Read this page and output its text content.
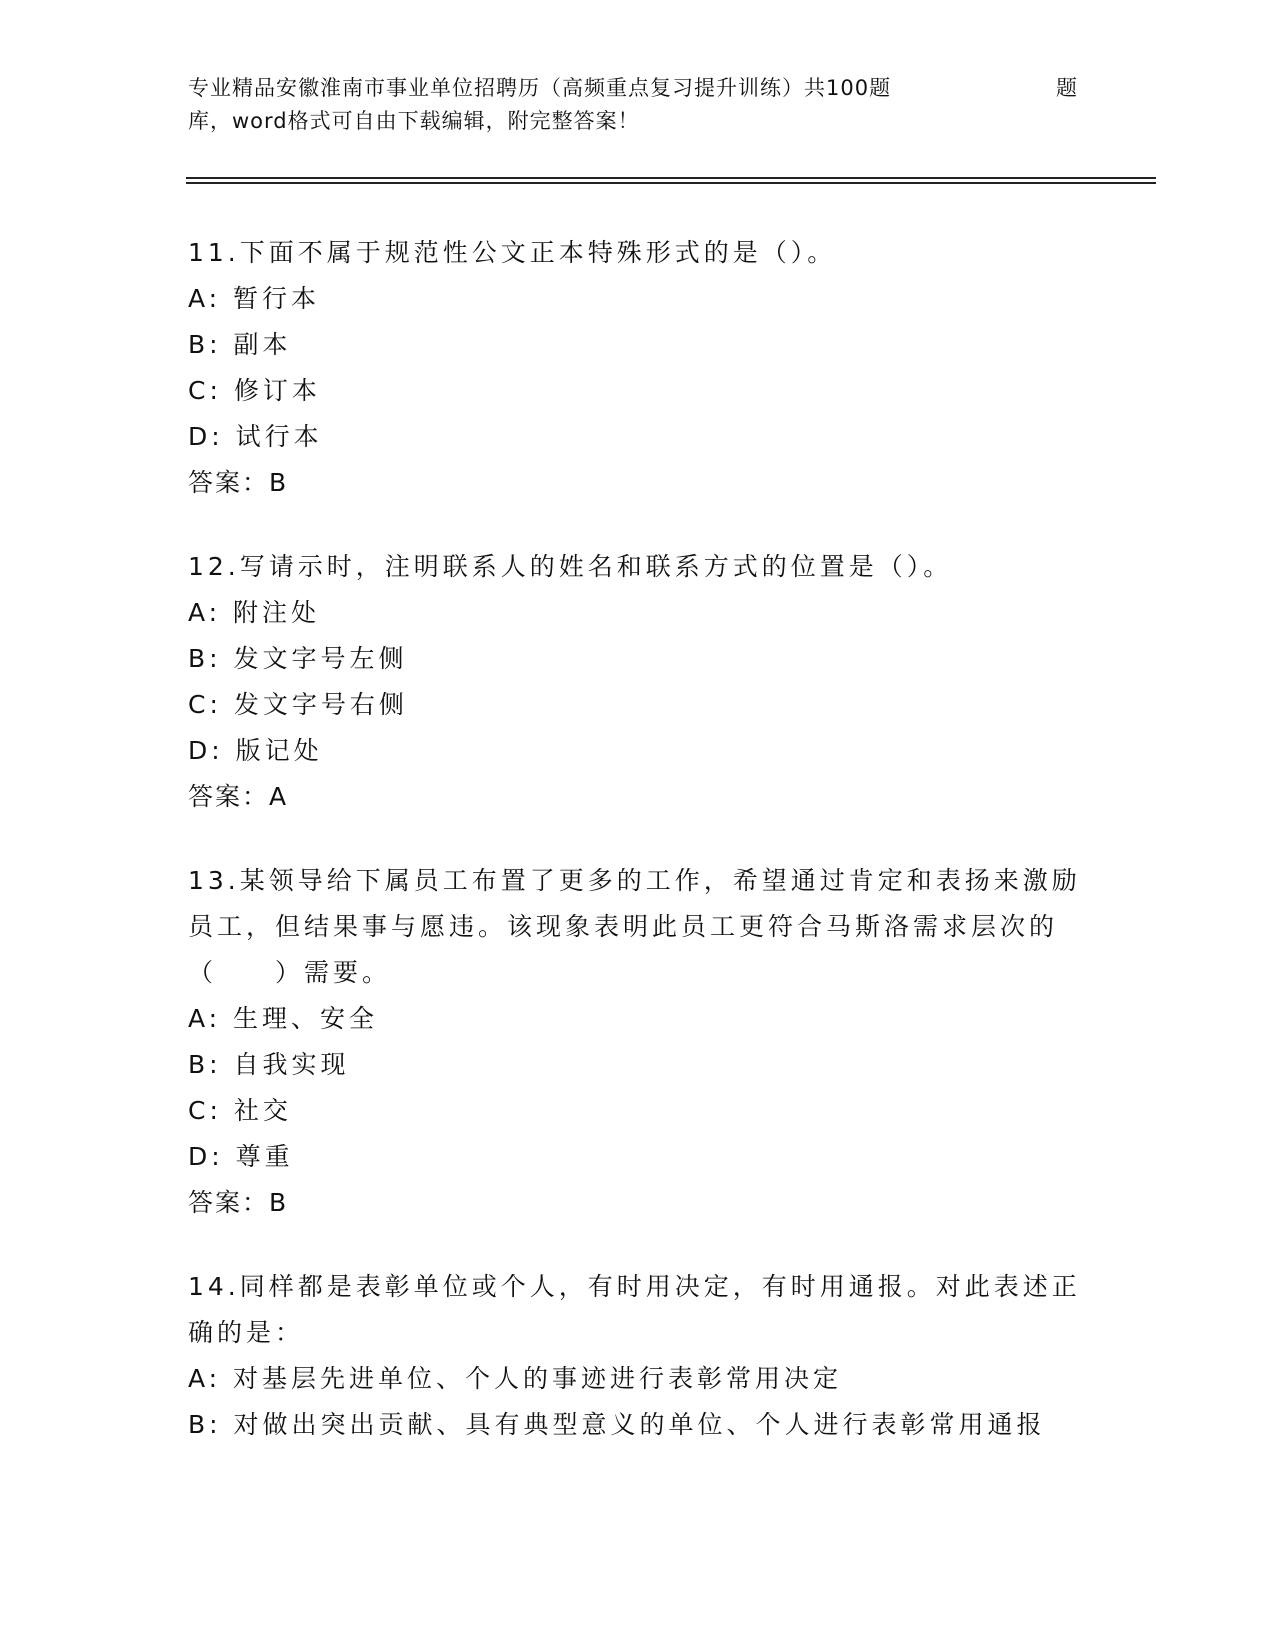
专业精品安徽淮南市事业单位招聘历（高频重点复习提升训练）共100题	题
库，word格式可自由下载编辑，附完整答案！
11.下面不属于规范性公文正本特殊形式的是（）。
A: 暂行本
B: 副本
C: 修订本
D: 试行本
答案：B
12.写请示时，注明联系人的姓名和联系方式的位置是（）。
A: 附注处
B: 发文字号左侧
C: 发文字号右侧
D: 版记处
答案：A
13.某领导给下属员工布置了更多的工作，希望通过肯定和表扬来激励
员工，但结果事与愿违。该现象表明此员工更符合马斯洛需求层次的
（　　）需要。
A: 生理、安全
B: 自我实现
C: 社交
D: 尊重
答案：B
14.同样都是表彰单位或个人，有时用决定，有时用通报。对此表述正
确的是：
A: 对基层先进单位、个人的事迹进行表彰常用决定
B: 对做出突出贡献、具有典型意义的单位、个人进行表彰常用通报
